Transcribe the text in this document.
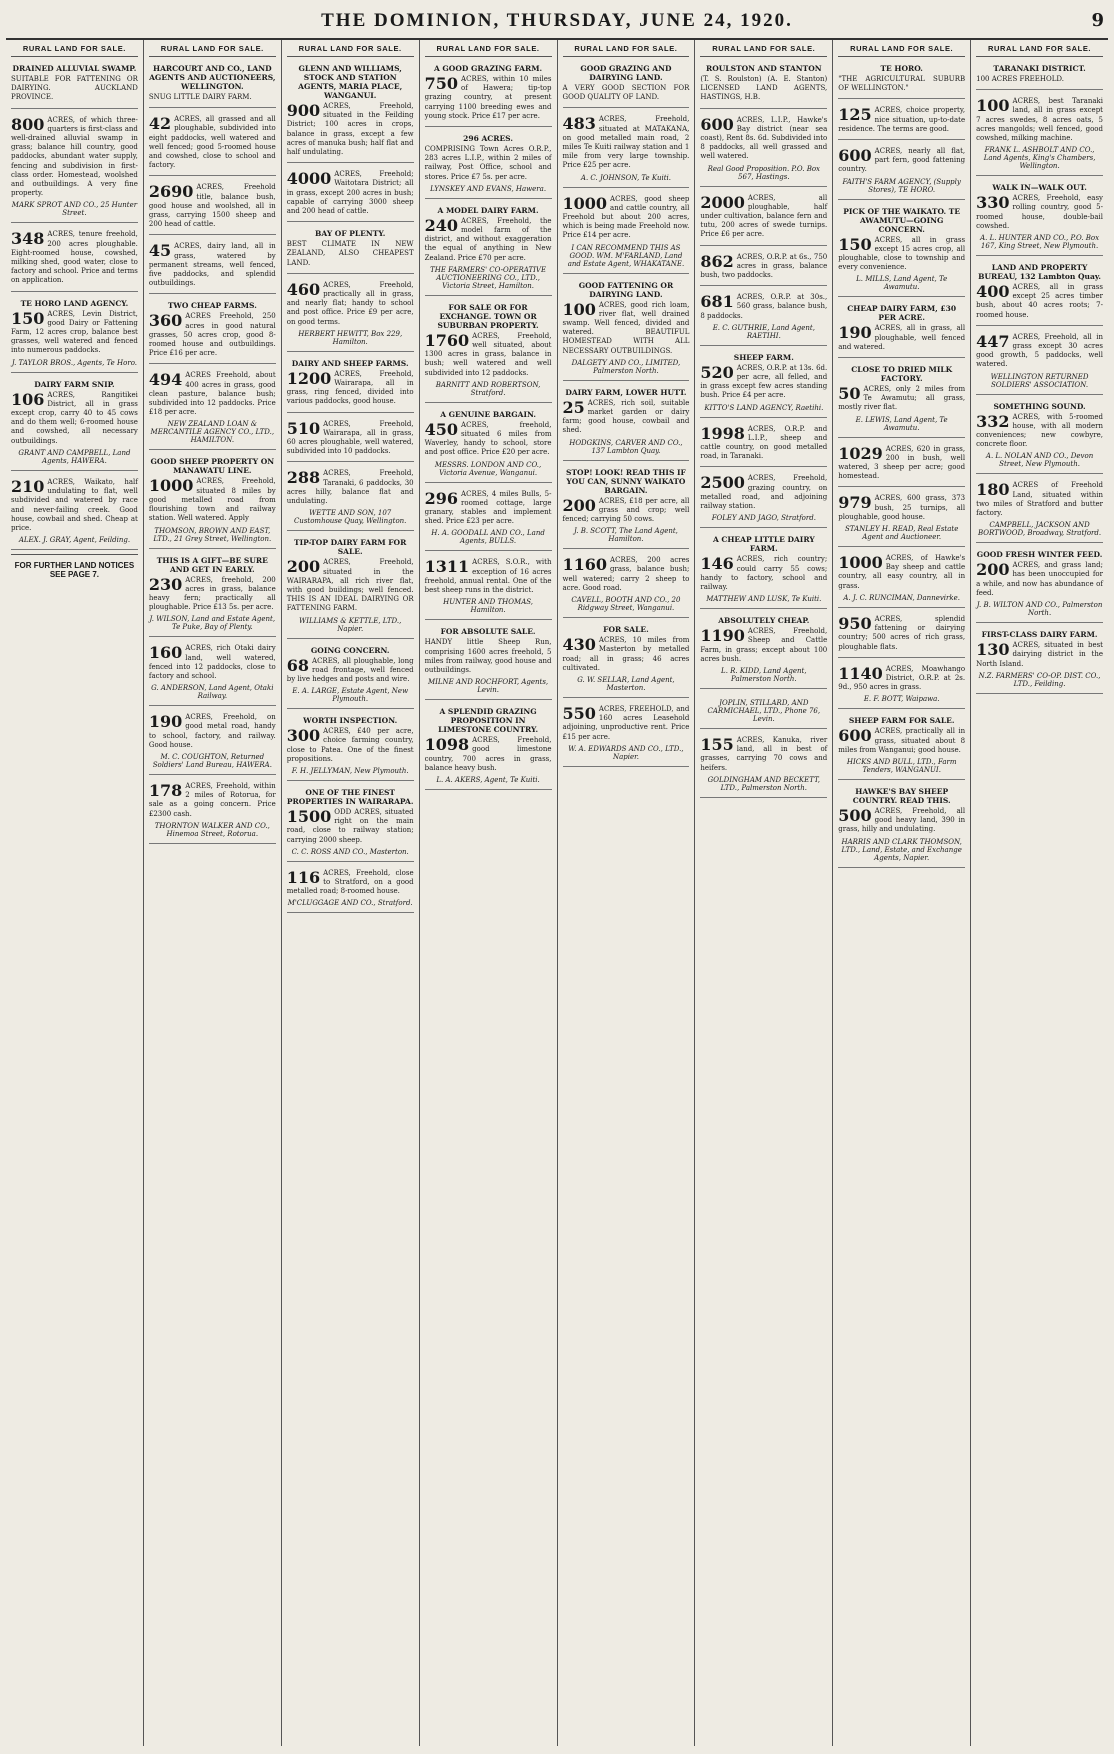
THE DOMINION, THURSDAY, JUNE 24, 1920.	9
RURAL LAND FOR SALE.
DRAINED ALLUVIAL SWAMP.

SUITABLE FOR FATTENING OR DAIRYING. AUCKLAND PROVINCE.

800 ACRES, of which three-quarters is first-class and well-drained alluvial swamp in grass; balance hill country, good paddocks, abundant water supply, fencing and subdivision in first-class order. Homestead, woolshed and outbuildings. A very fine property.

MARK SPROT AND CO., 25 Hunter Street.

348 ACRES, tenure freehold, 200 acres ploughable. Eight-roomed house, cowshed, milking shed, good water, close to factory and school. Price and terms on application.

TE HORO LAND AGENCY.

150 ACRES, Levin District, good Dairy or Fattening Farm, 12 acres crop, balance best grasses, well watered and fenced into numerous paddocks.

J. TAYLOR BROS., Agents, Te Horo.
DAIRY FARM SNIP.

106 ACRES, Rangitikei District, all in grass except crop, carry 40 to 45 cows and do them well; 6-roomed house and cowshed, all necessary outbuildings.

GRANT AND CAMPBELL, Land Agents, HAWERA.

210 ACRES, Waikato, half undulating to flat, well subdivided and watered by race and never-failing creek. Good house, cowbail and shed. Cheap at price.

ALEX. J. GRAY, Agent, Feilding.
FOR FURTHER LAND NOTICES SEE PAGE 7.
RURAL LAND FOR SALE.
HARCOURT AND CO., LAND AGENTS AND AUCTIONEERS, WELLINGTON.

SNUG LITTLE DAIRY FARM.

42 ACRES, all grassed and all ploughable, subdivided into eight paddocks, well watered and well fenced; good 5-roomed house and cowshed, close to school and factory.

2690 ACRES, Freehold title, balance bush, good house and woolshed, all in grass, carrying 1500 sheep and 200 head of cattle.

45 ACRES, dairy land, all in grass, watered by permanent streams, well fenced, five paddocks, and splendid outbuildings.

TWO CHEAP FARMS.

360 ACRES Freehold, 250 acres in good natural grasses, 50 acres crop, good 8-roomed house and outbuildings. Price £16 per acre.

494 ACRES Freehold, about 400 acres in grass, good clean pasture, balance bush; subdivided into 12 paddocks. Price £18 per acre.

NEW ZEALAND LOAN & MERCANTILE AGENCY CO., LTD., HAMILTON.
GOOD SHEEP PROPERTY ON MANAWATU LINE.

1000 ACRES, Freehold, situated 8 miles by good metalled road from flourishing town and railway station. Well watered. Apply

THOMSON, BROWN AND EAST, LTD., 21 Grey Street, Wellington.
THIS IS A GIFT—BE SURE AND GET IN EARLY.

230 ACRES, freehold, 200 acres in grass, balance heavy fern; practically all ploughable. Price £13 5s. per acre.

J. WILSON, Land and Estate Agent, Te Puke, Bay of Plenty.

160 ACRES, rich Otaki dairy land, well watered, fenced into 12 paddocks, close to factory and school.

G. ANDERSON, Land Agent, Otaki Railway.

190 ACRES, Freehold, on good metal road, handy to school, factory, and railway. Good house.

M. C. COUGHTON, Returned Soldiers' Land Bureau, HAWERA.

178 ACRES, Freehold, within 2 miles of Rotorua, for sale as a going concern. Price £2300 cash.

THORNTON WALKER AND CO., Hinemoa Street, Rotorua.
RURAL LAND FOR SALE.
GLENN AND WILLIAMS, STOCK AND STATION AGENTS, MARIA PLACE, WANGANUI.

900 ACRES, Freehold, situated in the Feilding District; 100 acres in crops, balance in grass, except a few acres of manuka bush; half flat and half undulating.

4000 ACRES, Freehold; Waitotara District; all in grass, except 200 acres in bush; capable of carrying 3000 sheep and 200 head of cattle.

BAY OF PLENTY.

BEST CLIMATE IN NEW ZEALAND, ALSO CHEAPEST LAND.

460 ACRES, Freehold, practically all in grass, and nearly flat; handy to school and post office. Price £9 per acre, on good terms.

HERBERT HEWITT, Box 229, Hamilton.
DAIRY AND SHEEP FARMS.

1200 ACRES, Freehold, Wairarapa, all in grass, ring fenced, divided into various paddocks, good house.

510 ACRES, Freehold, Wairarapa, all in grass, 60 acres ploughable, well watered, subdivided into 10 paddocks.

288 ACRES, Freehold, Taranaki, 6 paddocks, 30 acres hilly, balance flat and undulating.

WETTE AND SON, 107 Customhouse Quay, Wellington.
TIP-TOP DAIRY FARM FOR SALE.

200 ACRES, Freehold, situated in the WAIRARAPA, all rich river flat, with good buildings; well fenced. THIS IS AN IDEAL DAIRYING OR FATTENING FARM.

WILLIAMS & KETTLE, LTD., Napier.
GOING CONCERN.

68 ACRES, all ploughable, long road frontage, well fenced by live hedges and posts and wire.

E. A. LARGE, Estate Agent, New Plymouth.
WORTH INSPECTION.

300 ACRES, £40 per acre, choice farming country, close to Patea. One of the finest propositions.

F. H. JELLYMAN, New Plymouth.
ONE OF THE FINEST PROPERTIES IN WAIRARAPA.

1500 ODD ACRES, situated right on the main road, close to railway station; carrying 2000 sheep.

C. C. ROSS AND CO., Masterton.

116 ACRES, Freehold, close to Stratford, on a good metalled road; 8-roomed house.

M'CLUGGAGE AND CO., Stratford.
RURAL LAND FOR SALE.
A GOOD GRAZING FARM.

750 ACRES, within 10 miles of Hawera; tip-top grazing country, at present carrying 1100 breeding ewes and young stock. Price £17 per acre.

296 ACRES.

COMPRISING Town Acres O.R.P., 283 acres L.I.P., within 2 miles of railway, Post Office, school and stores. Price £7 5s. per acre.

LYNSKEY AND EVANS, Hawera.
A MODEL DAIRY FARM.

240 ACRES, Freehold, the model farm of the district, and without exaggeration the equal of anything in New Zealand. Price £70 per acre.

THE FARMERS' CO-OPERATIVE AUCTIONEERING CO., LTD., Victoria Street, Hamilton.
FOR SALE OR FOR EXCHANGE. TOWN OR SUBURBAN PROPERTY.

1760 ACRES, Freehold, well situated, about 1300 acres in grass, balance in bush; well watered and well subdivided into 12 paddocks.

BARNITT AND ROBERTSON, Stratford.
A GENUINE BARGAIN.

450 ACRES, freehold, situated 6 miles from Waverley, handy to school, store and post office. Price £20 per acre.

MESSRS. LONDON AND CO., Victoria Avenue, Wanganui.

296 ACRES, 4 miles Bulls, 5-roomed cottage, large granary, stables and implement shed. Price £23 per acre.

H. A. GOODALL AND CO., Land Agents, BULLS.

1311 ACRES, S.O.R., with exception of 16 acres freehold, annual rental. One of the best sheep runs in the district.

HUNTER AND THOMAS, Hamilton.
FOR ABSOLUTE SALE.

HANDY little Sheep Run, comprising 1600 acres freehold, 5 miles from railway, good house and outbuildings.

MILNE AND ROCHFORT, Agents, Levin.
A SPLENDID GRAZING PROPOSITION IN LIMESTONE COUNTRY.

1098 ACRES, Freehold, good limestone country, 700 acres in grass, balance heavy bush.

L. A. AKERS, Agent, Te Kuiti.
RURAL LAND FOR SALE.
GOOD GRAZING AND DAIRYING LAND.

A VERY GOOD SECTION FOR GOOD QUALITY OF LAND.

483 ACRES, Freehold, situated at MATAKANA, on good metalled main road, 2 miles Te Kuiti railway station and 1 mile from very large township. Price £25 per acre.

A. C. JOHNSON, Te Kuiti.

1000 ACRES, good sheep and cattle country, all Freehold but about 200 acres, which is being made Freehold now. Price £14 per acre.

I CAN RECOMMEND THIS AS GOOD. WM. M'FARLAND, Land and Estate Agent, WHAKATANE.
GOOD FATTENING OR DAIRYING LAND.

100 ACRES, good rich loam, river flat, well drained swamp. Well fenced, divided and watered. BEAUTIFUL HOMESTEAD WITH ALL NECESSARY OUTBUILDINGS.

DALGETY AND CO., LIMITED, Palmerston North.
DAIRY FARM, LOWER HUTT.

25 ACRES, rich soil, suitable market garden or dairy farm; good house, cowbail and shed.

HODGKINS, CARVER AND CO., 137 Lambton Quay.
STOP! LOOK! READ THIS IF YOU CAN, SUNNY WAIKATO BARGAIN.

200 ACRES, £18 per acre, all grass and crop; well fenced; carrying 50 cows.

J. B. SCOTT, The Land Agent, Hamilton.

1160 ACRES, 200 acres grass, balance bush; well watered; carry 2 sheep to acre. Good road.

CAVELL, BOOTH AND CO., 20 Ridgway Street, Wanganui.
FOR SALE.

430 ACRES, 10 miles from Masterton by metalled road; all in grass; 46 acres cultivated.

G. W. SELLAR, Land Agent, Masterton.

550 ACRES, FREEHOLD, and 160 acres Leasehold adjoining, unproductive rent. Price £15 per acre.

W. A. EDWARDS AND CO., LTD., Napier.
RURAL LAND FOR SALE.
ROULSTON AND STANTON

(T. S. Roulston) (A. E. Stanton) LICENSED LAND AGENTS, HASTINGS, H.B.

600 ACRES, L.I.P., Hawke's Bay district (near sea coast), Rent 8s. 6d. Subdivided into 8 paddocks, all well grassed and well watered.

Real Good Proposition. P.O. Box 567, Hastings.

2000 ACRES, all ploughable, half under cultivation, balance fern and tutu, 200 acres of swede turnips. Price £6 per acre.

862 ACRES, O.R.P. at 6s., 750 acres in grass, balance bush, two paddocks.

681 ACRES, O.R.P. at 30s., 560 grass, balance bush, 8 paddocks.

E. C. GUTHRIE, Land Agent, RAETIHI.
SHEEP FARM.

520 ACRES, O.R.P. at 13s. 6d. per acre, all felled, and in grass except few acres standing bush. Price £4 per acre.

KITTO'S LAND AGENCY, Raetihi.

1998 ACRES, O.R.P. and L.I.P., sheep and cattle country, on good metalled road, in Taranaki.

2500 ACRES, Freehold, grazing country, on metalled road, and adjoining railway station.

FOLEY AND JAGO, Stratford.
A CHEAP LITTLE DAIRY FARM.

146 ACRES, rich country; could carry 55 cows; handy to factory, school and railway.

MATTHEW AND LUSK, Te Kuiti.
ABSOLUTELY CHEAP.

1190 ACRES, Freehold, Sheep and Cattle Farm, in grass; except about 100 acres bush.

L. R. KIDD, Land Agent, Palmerston North.
JOPLIN, STILLARD, AND CARMICHAEL, LTD., Phone 76, Levin.

155 ACRES, Kanuka, river land, all in best of grasses, carrying 70 cows and heifers.

GOLDINGHAM AND BECKETT, LTD., Palmerston North.
RURAL LAND FOR SALE.
TE HORO.

"THE AGRICULTURAL SUBURB OF WELLINGTON."

125 ACRES, choice property, nice situation, up-to-date residence. The terms are good.

600 ACRES, nearly all flat, part fern, good fattening country.

FAITH'S FARM AGENCY, (Supply Stores), TE HORO.
PICK OF THE WAIKATO. TE AWAMUTU—GOING CONCERN.

150 ACRES, all in grass except 15 acres crop, all ploughable, close to township and every convenience.

L. MILLS, Land Agent, Te Awamutu.
CHEAP DAIRY FARM, £30 PER ACRE.

190 ACRES, all in grass, all ploughable, well fenced and watered.

CLOSE TO DRIED MILK FACTORY.

50 ACRES, only 2 miles from Te Awamutu; all grass, mostly river flat.

E. LEWIS, Land Agent, Te Awamutu.

1029 ACRES, 620 in grass, 200 in bush, well watered, 3 sheep per acre; good homestead.

979 ACRES, 600 grass, 373 bush, 25 turnips, all ploughable, good house.

STANLEY H. READ, Real Estate Agent and Auctioneer.

1000 ACRES, of Hawke's Bay sheep and cattle country, all easy country, all in grass.

A. J. C. RUNCIMAN, Dannevirke.

950 ACRES, splendid fattening or dairying country; 500 acres of rich grass, ploughable flats.

1140 ACRES, Moawhango District, O.R.P. at 2s. 9d., 950 acres in grass.

E. F. BOTT, Waipawa.
SHEEP FARM FOR SALE.

600 ACRES, practically all in grass, situated about 8 miles from Wanganui; good house.

HICKS AND BULL, LTD., Farm Tenders, WANGANUI.
HAWKE'S BAY SHEEP COUNTRY. READ THIS.

500 ACRES, Freehold, all good heavy land, 390 in grass, hilly and undulating.

HARRIS AND CLARK THOMSON, LTD., Land, Estate, and Exchange Agents, Napier.
RURAL LAND FOR SALE.
TARANAKI DISTRICT.

100 ACRES FREEHOLD.

100 ACRES, best Taranaki land, all in grass except 7 acres swedes, 8 acres oats, 5 acres mangolds; well fenced, good cowshed, milking machine.

FRANK L. ASHBOLT AND CO., Land Agents, King's Chambers, Wellington.
WALK IN—WALK OUT.

330 ACRES, Freehold, easy rolling country, good 5-roomed house, double-bail cowshed.

A. L. HUNTER AND CO., P.O. Box 167, King Street, New Plymouth.
LAND AND PROPERTY BUREAU, 132 Lambton Quay.

400 ACRES, all in grass except 25 acres timber bush, about 40 acres roots; 7-roomed house.

447 ACRES, Freehold, all in grass except 30 acres good growth, 5 paddocks, well watered.

WELLINGTON RETURNED SOLDIERS' ASSOCIATION.
SOMETHING SOUND.

332 ACRES, with 5-roomed house, with all modern conveniences; new cowbyre, concrete floor.

A. L. NOLAN AND CO., Devon Street, New Plymouth.

180 ACRES of Freehold Land, situated within two miles of Stratford and butter factory.

CAMPBELL, JACKSON AND BORTWOOD, Broadway, Stratford.
GOOD FRESH WINTER FEED.

200 ACRES, and grass land; has been unoccupied for a while, and now has abundance of feed.

J. B. WILTON AND CO., Palmerston North.
FIRST-CLASS DAIRY FARM.

130 ACRES, situated in best dairying district in the North Island.

N.Z. FARMERS' CO-OP. DIST. CO., LTD., Feilding.
